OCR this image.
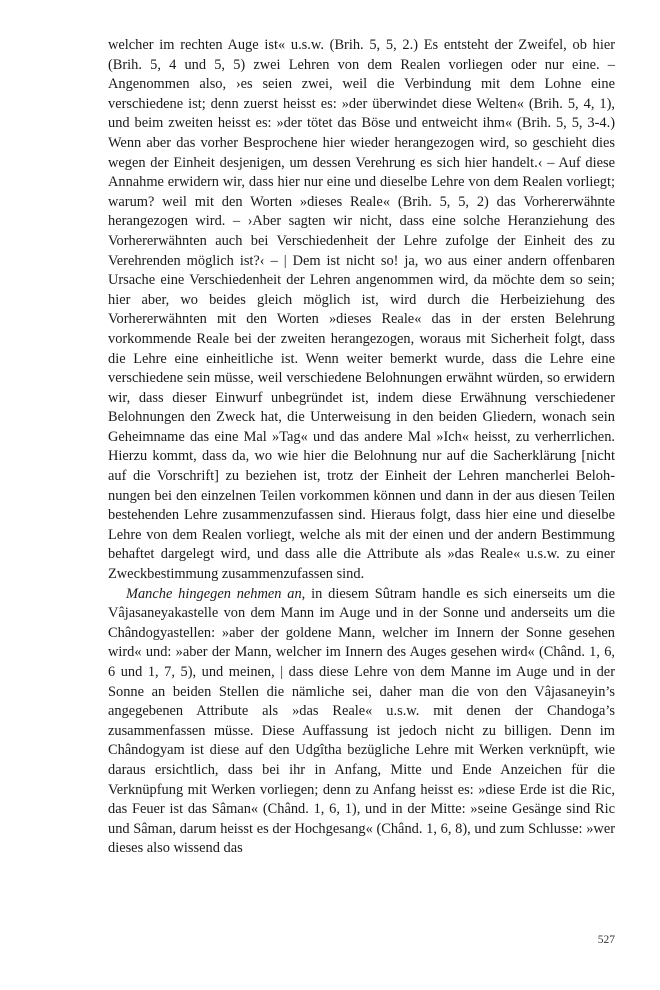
welcher im rechten Auge ist« u.s.w. (Brih. 5, 5, 2.) Es entsteht der Zweifel, ob hier (Brih. 5, 4 und 5, 5) zwei Lehren von dem Realen vorliegen oder nur eine. – Angenommen also, ›es seien zwei, weil die Verbindung mit dem Lohne eine verschiedene ist; denn zuerst heisst es: »der überwindet diese Welten« (Brih. 5, 4, 1), und beim zweiten heisst es: »der tötet das Böse und entweicht ihm« (Brih. 5, 5, 3-4.) Wenn aber das vorher Besprochene hier wieder herangezogen wird, so geschieht dies wegen der Einheit desjenigen, um dessen Verehrung es sich hier handelt.‹ – Auf diese Annahme erwidern wir, dass hier nur eine und dieselbe Lehre von dem Realen vorliegt; warum? weil mit den Worten »dieses Reale« (Brih. 5, 5, 2) das Vorhererwähnte herangezogen wird. – ›Aber sagten wir nicht, dass eine solche Heranziehung des Vorhererwähnten auch bei Verschiedenheit der Lehre zufolge der Einheit des zu Verehrenden möglich ist?‹ – | Dem ist nicht so! ja, wo aus einer andern offenbaren Ursache eine Verschiedenheit der Lehren angenommen wird, da möchte dem so sein; hier aber, wo beides gleich möglich ist, wird durch die Herbeiziehung des Vorhererwähnten mit den Worten »dieses Reale« das in der ersten Belehrung vorkommende Reale bei der zweiten herangezogen, woraus mit Sicherheit folgt, dass die Lehre eine einheitliche ist. Wenn weiter bemerkt wurde, dass die Lehre eine verschiedene sein müsse, weil verschiedene Belohnungen erwähnt würden, so erwidern wir, dass dieser Einwurf unbegründet ist, indem diese Erwähnung verschiedener Belohnungen den Zweck hat, die Unterweisung in den beiden Gliedern, wonach sein Geheimname das eine Mal »Tag« und das andere Mal »Ich« heisst, zu verherrlichen. Hierzu kommt, dass da, wo wie hier die Belohnung nur auf die Sacherklärung [nicht auf die Vorschrift] zu beziehen ist, trotz der Einheit der Lehren mancherlei Belohnungen bei den einzelnen Teilen vorkommen können und dann in der aus diesen Teilen bestehenden Lehre zusammenzufassen sind. Hieraus folgt, dass hier eine und dieselbe Lehre von dem Realen vorliegt, welche als mit der einen und der andern Bestimmung behaftet dargelegt wird, und dass alle die Attribute als »das Reale« u.s.w. zu einer Zweckbestimmung zusammenzufassen sind.

Manche hingegen nehmen an, in diesem Sûtram handle es sich einerseits um die Vâjasaneyakastelle von dem Mann im Auge und in der Sonne und anderseits um die Chândogyastellen: »aber der goldene Mann, welcher im Innern der Sonne gesehen wird« und: »aber der Mann, welcher im Innern des Auges gesehen wird« (Chând. 1, 6, 6 und 1, 7, 5), und meinen, | dass diese Lehre von dem Manne im Auge und in der Sonne an beiden Stellen die nämliche sei, daher man die von den Vâjasaneyin’s angegebenen Attribute als »das Reale« u.s.w. mit denen der Chandoga’s zusammenfassen müsse. Diese Auffassung ist jedoch nicht zu billigen. Denn im Chândogyam ist diese auf den Udgîtha bezügliche Lehre mit Werken verknüpft, wie daraus ersichtlich, dass bei ihr in Anfang, Mitte und Ende Anzeichen für die Verknüpfung mit Werken vorliegen; denn zu Anfang heisst es: »diese Erde ist die Ric, das Feuer ist das Sâman« (Chând. 1, 6, 1), und in der Mitte: »seine Gesänge sind Ric und Sâman, darum heisst es der Hochgesang« (Chând. 1, 6, 8), und zum Schlusse: »wer dieses also wissend das

527
